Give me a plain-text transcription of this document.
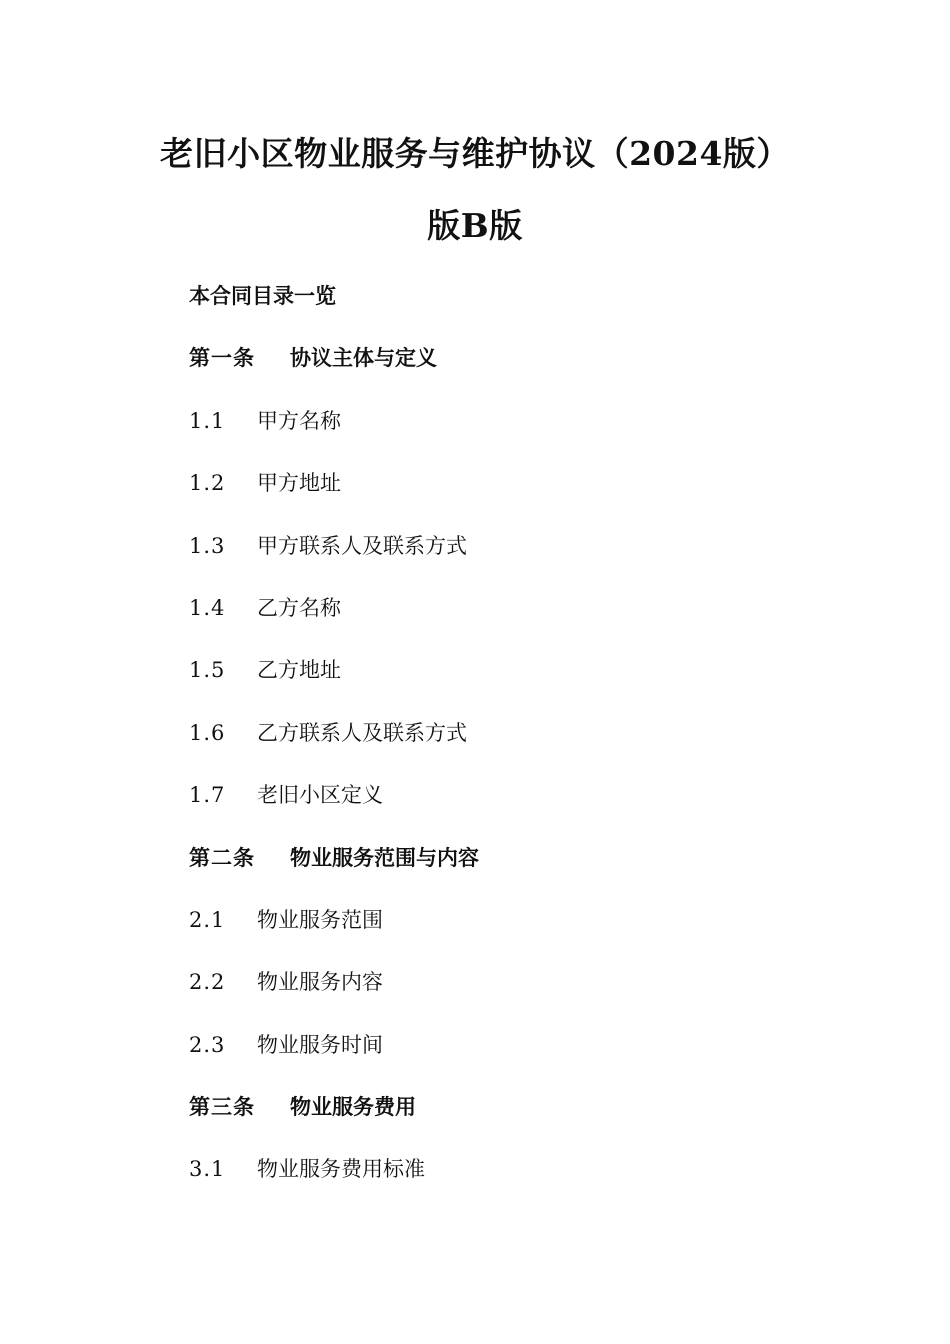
老旧小区物业服务与维护协议（2024版）
版B版
本合同目录一览
第一条	协议主体与定义
1.1	甲方名称
1.2	甲方地址
1.3	甲方联系人及联系方式
1.4	乙方名称
1.5	乙方地址
1.6	乙方联系人及联系方式
1.7	老旧小区定义
第二条	物业服务范围与内容
2.1	物业服务范围
2.2	物业服务内容
2.3	物业服务时间
第三条	物业服务费用
3.1	物业服务费用标准
